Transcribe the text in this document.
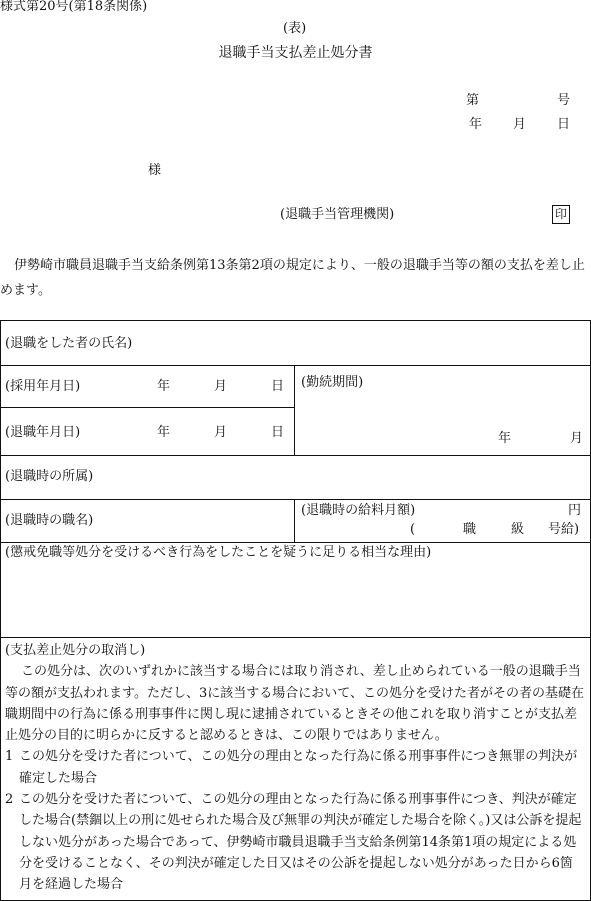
様式第20号(第18条関係)
(表)
退職手当支払差止処分書
第	号
年 月 日
様
(退職手当管理機関)	印
伊勢崎市職員退職手当支給条例第13条第2項の規定により、一般の退職手当等の額の支払を差し止めます。
(退職をした者の氏名)
(採用年月日)	年	月	日 (勤続期間)
年	月
(退職年月日)	年	月	日
(退職時の所属)
(退職時の職名)
(退職時の給料月額)	円
(	職	級 号給)
(懲戒免職等処分を受けるべき行為をしたことを疑うに足りる相当な理由)
(支払差止処分の取消し)

この処分は、次のいずれかに該当する場合には取り消され、差し止められている一般の退職手当等の額が支払われます。ただし、3に該当する場合において、この処分を受けた者がその者の基礎在職期間中の行為に係る刑事事件に関し現に逮捕されているときその他これを取り消すことが支払差止処分の目的に明らかに反すると認めるときは、この限りではありません。

1 この処分を受けた者について、この処分の理由となった行為に係る刑事事件につき無罪の判決が確定した場合

2 この処分を受けた者について、この処分の理由となった行為に係る刑事事件につき、判決が確定した場合(禁錮以上の刑に処せられた場合及び無罪の判決が確定した場合を除く。)又は公訴を提起しない処分があった場合であって、伊勢崎市職員退職手当支給条例第14条第1項の規定による処分を受けることなく、その判決が確定した日又はその公訴を提起しない処分があった日から6箇月を経過した場合
